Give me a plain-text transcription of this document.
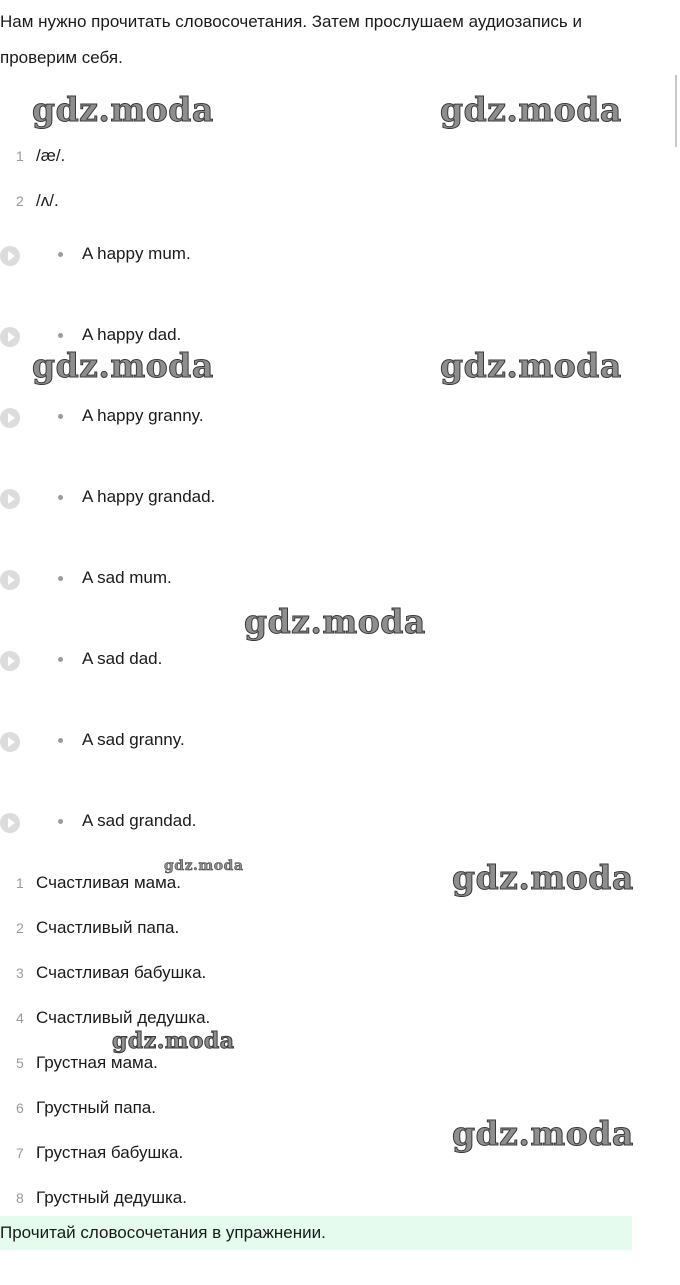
Нам нужно прочитать словосочетания. Затем прослушаем аудиозапись и проверим себя.

gdz.moda	gdz.moda
gdz.moda	gdz.moda
gdz.moda
gdz.moda
gdz.moda
gdz.moda
gdz.moda
1 /æ/.
2 /ʌ/.
A happy mum.
A happy dad.
A happy granny.
A happy grandad.
A sad mum.
A sad dad.
A sad granny.
A sad grandad.
1 Счастливая мама.
2 Счастливый папа.
3 Счастливая бабушка.
4 Счастливый дедушка.
5 Грустная мама.
6 Грустный папа.
7 Грустная бабушка.
8 Грустный дедушка.
Прочитай словосочетания в упражнении.
